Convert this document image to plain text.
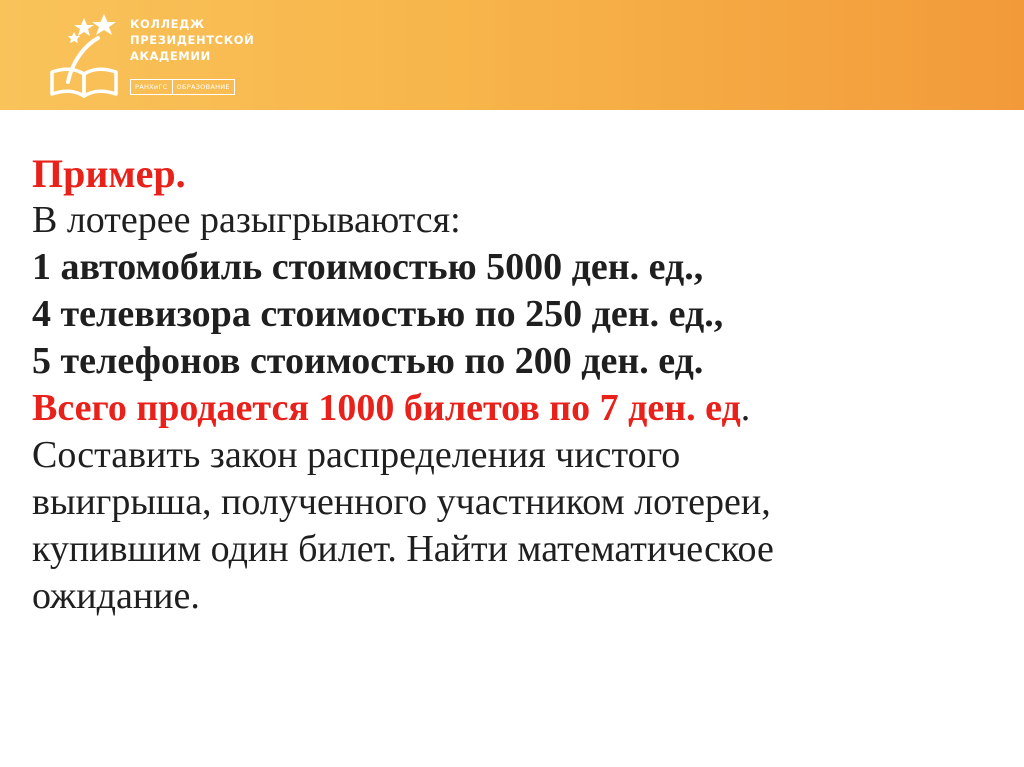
КОЛЛЕДЖ
ПРЕЗИДЕНТСКОЙ
АКАДЕМИИ
РАНХиГС	ОБРАЗОВАНИЕ
Пример.
В лотерее разыгрываются:
1 автомобиль стоимостью 5000 ден. ед.,
4 телевизора стоимостью по 250 ден. ед.,
5 телефонов стоимостью по 200 ден. ед.
Всего продается 1000 билетов по 7 ден. ед.
Составить закон распределения чистого
выигрыша, полученного участником лотереи,
купившим один билет. Найти математическое
ожидание.
